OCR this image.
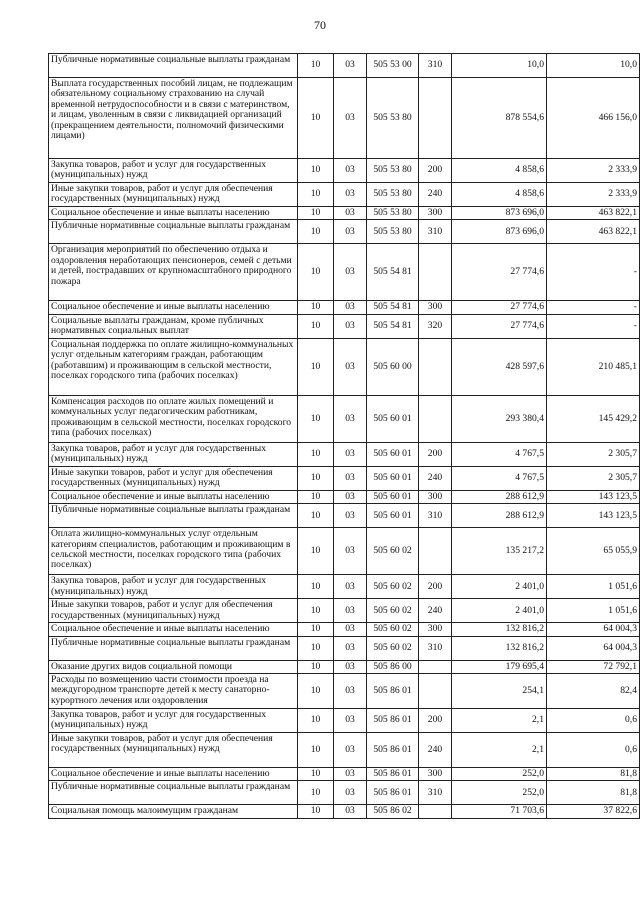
70
Публичные нормативные социальные выплаты гражданам	10	03	505 53 00	310	10,0	10,0
Выплата государственных пособий лицам, не подлежащим обязательному социальному страхованию на случай временной нетрудоспособности и в связи с материнством, и лицам, уволенным в связи с ликвидацией организаций (прекращением деятельности, полномочий физическими лицами)	10	03	505 53 80		878 554,6	466 156,0
Закупка товаров, работ и услуг для государственных (муниципальных) нужд	10	03	505 53 80	200	4 858,6	2 333,9
Иные закупки товаров, работ и услуг для обеспечения государственных (муниципальных) нужд	10	03	505 53 80	240	4 858,6	2 333,9
Социальное обеспечение и иные выплаты населению	10	03	505 53 80	300	873 696,0	463 822,1
Публичные нормативные социальные выплаты гражданам	10	03	505 53 80	310	873 696,0	463 822,1
Организация мероприятий по обеспечению отдыха и оздоровления неработающих пенсионеров, семей с детьми и детей, пострадавших от крупномасштабного природного пожара	10	03	505 54 81		27 774,6	-
Социальное обеспечение и иные выплаты населению	10	03	505 54 81	300	27 774,6	-
Социальные выплаты гражданам, кроме публичных нормативных социальных выплат	10	03	505 54 81	320	27 774,6	-
Социальная поддержка по оплате жилищно-коммунальных услуг отдельным категориям граждан, работающим (работавшим) и проживающим в сельской местности, поселках городского типа (рабочих поселках)	10	03	505 60 00		428 597,6	210 485,1
Компенсация расходов по оплате жилых помещений и коммунальных услуг педагогическим работникам, проживающим в сельской местности, поселках городского типа (рабочих поселках)	10	03	505 60 01		293 380,4	145 429,2
Закупка товаров, работ и услуг для государственных (муниципальных) нужд	10	03	505 60 01	200	4 767,5	2 305,7
Иные закупки товаров, работ и услуг для обеспечения государственных (муниципальных) нужд	10	03	505 60 01	240	4 767,5	2 305,7
Социальное обеспечение и иные выплаты населению	10	03	505 60 01	300	288 612,9	143 123,5
Публичные нормативные социальные выплаты гражданам	10	03	505 60 01	310	288 612,9	143 123,5
Оплата жилищно-коммунальных услуг отдельным категориям специалистов, работающим и проживающим в сельской местности, поселках городского типа (рабочих поселках)	10	03	505 60 02		135 217,2	65 055,9
Закупка товаров, работ и услуг для государственных (муниципальных) нужд	10	03	505 60 02	200	2 401,0	1 051,6
Иные закупки товаров, работ и услуг для обеспечения государственных (муниципальных) нужд	10	03	505 60 02	240	2 401,0	1 051,6
Социальное обеспечение и иные выплаты населению	10	03	505 60 02	300	132 816,2	64 004,3
Публичные нормативные социальные выплаты гражданам	10	03	505 60 02	310	132 816,2	64 004,3
Оказание других видов социальной помощи	10	03	505 86 00		179 695,4	72 792,1
Расходы по возмещению части стоимости проезда на междугородном транспорте детей к месту санаторно-курортного лечения или оздоровления	10	03	505 86 01		254,1	82,4
Закупка товаров, работ и услуг для государственных (муниципальных) нужд	10	03	505 86 01	200	2,1	0,6
Иные закупки товаров, работ и услуг для обеспечения государственных (муниципальных) нужд	10	03	505 86 01	240	2,1	0,6
Социальное обеспечение и иные выплаты населению	10	03	505 86 01	300	252,0	81,8
Публичные нормативные социальные выплаты гражданам	10	03	505 86 01	310	252,0	81,8
Социальная помощь малоимущим гражданам	10	03	505 86 02		71 703,6	37 822,6
